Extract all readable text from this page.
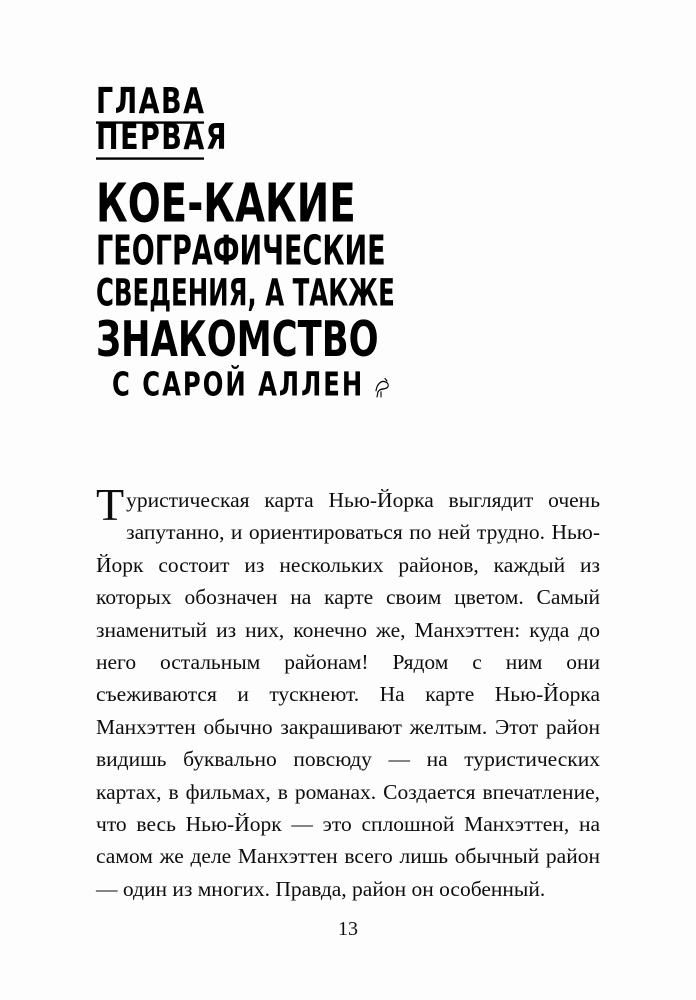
ГЛАВА
ПЕРВАЯ
КОЕ-КАКИЕ
ГЕОГРАФИЧЕСКИЕ
СВЕДЕНИЯ, А ТАКЖЕ
ЗНАКОМСТВО
С САРОЙ АЛЛЕН

Туристическая карта Нью-Йорка выглядит очень запутанно, и ориентироваться по ней трудно. Нью-Йорк состоит из нескольких районов, каждый из которых обозначен на карте своим цветом. Самый знаменитый из них, конечно же, Манхэттен: куда до него остальным районам! Рядом с ним они съеживаются и тускнеют. На карте Нью-Йорка Манхэттен обычно закрашивают желтым. Этот район видишь буквально повсюду — на туристических картах, в фильмах, в романах. Создается впечатление, что весь Нью-Йорк — это сплошной Манхэттен, на самом же деле Манхэттен всего лишь обычный район — один из многих. Правда, район он особенный.

13
